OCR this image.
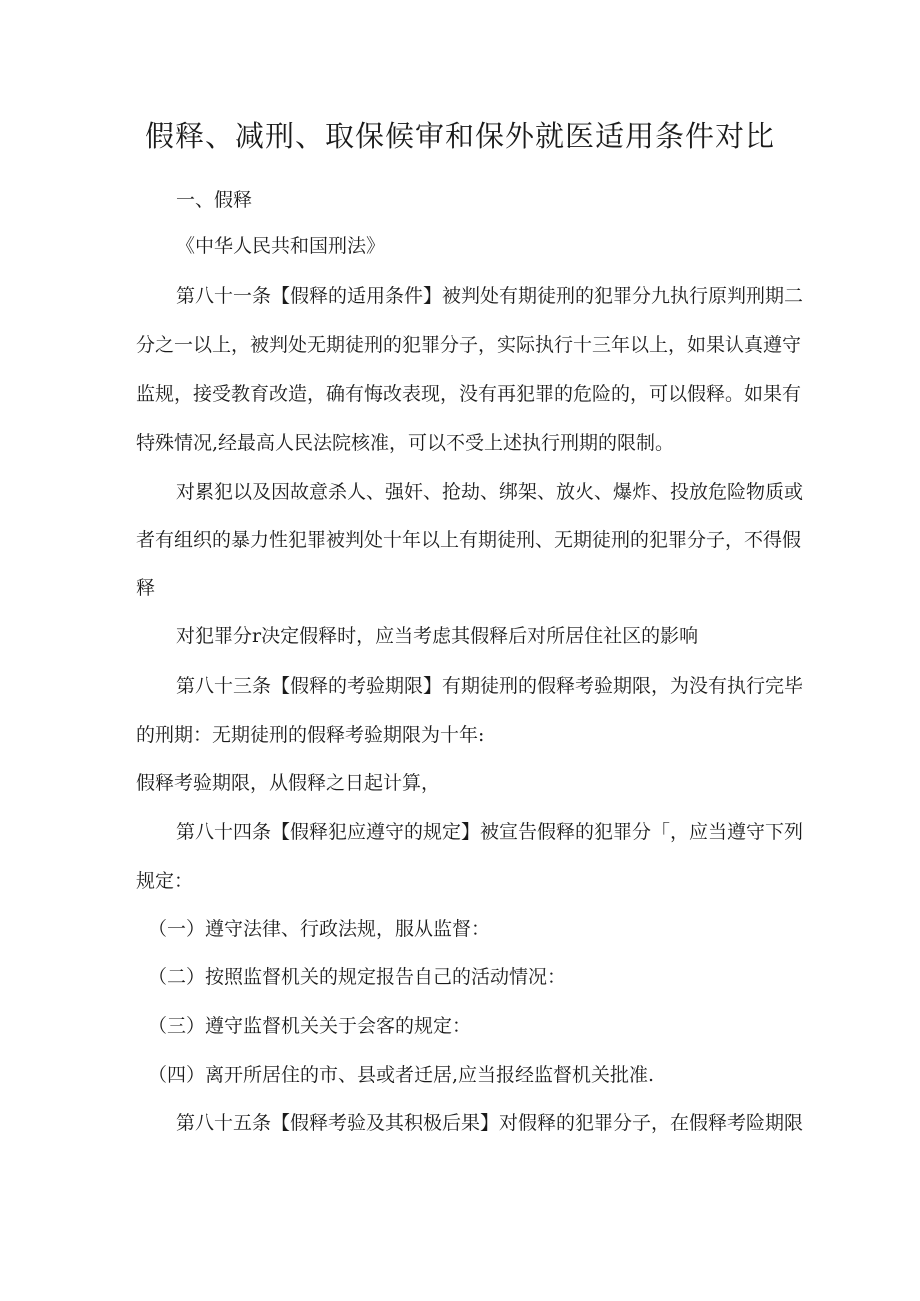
假释、减刑、取保候审和保外就医适用条件对比
一、假释
《中华人民共和国刑法》
第八十一条【假释的适用条件】被判处有期徒刑的犯罪分九执行原判刑期二
分之一以上，被判处无期徒刑的犯罪分子，实际执行十三年以上，如果认真遵守
监规，接受教育改造，确有悔改表现，没有再犯罪的危险的，可以假释。如果有
特殊情况,经最高人民法院核准，可以不受上述执行刑期的限制。
对累犯以及因故意杀人、强奸、抢劫、绑架、放火、爆炸、投放危险物质或
者有组织的暴力性犯罪被判处十年以上有期徒刑、无期徒刑的犯罪分子，不得假
释
对犯罪分r决定假释时，应当考虑其假释后对所居住社区的影响
第八十三条【假释的考验期限】有期徒刑的假释考验期限，为没有执行完毕
的刑期：无期徒刑的假释考验期限为十年:
假释考验期限，从假释之日起计算，
第八十四条【假释犯应遵守的规定】被宣告假释的犯罪分「，应当遵守下列
规定：
（一）遵守法律、行政法规，服从监督：
（二）按照监督机关的规定报告自己的活动情况：
（三）遵守监督机关关于会客的规定：
（四）离开所居住的市、县或者迁居,应当报经监督机关批准.
第八十五条【假释考验及其积极后果】对假释的犯罪分子，在假释考险期限
